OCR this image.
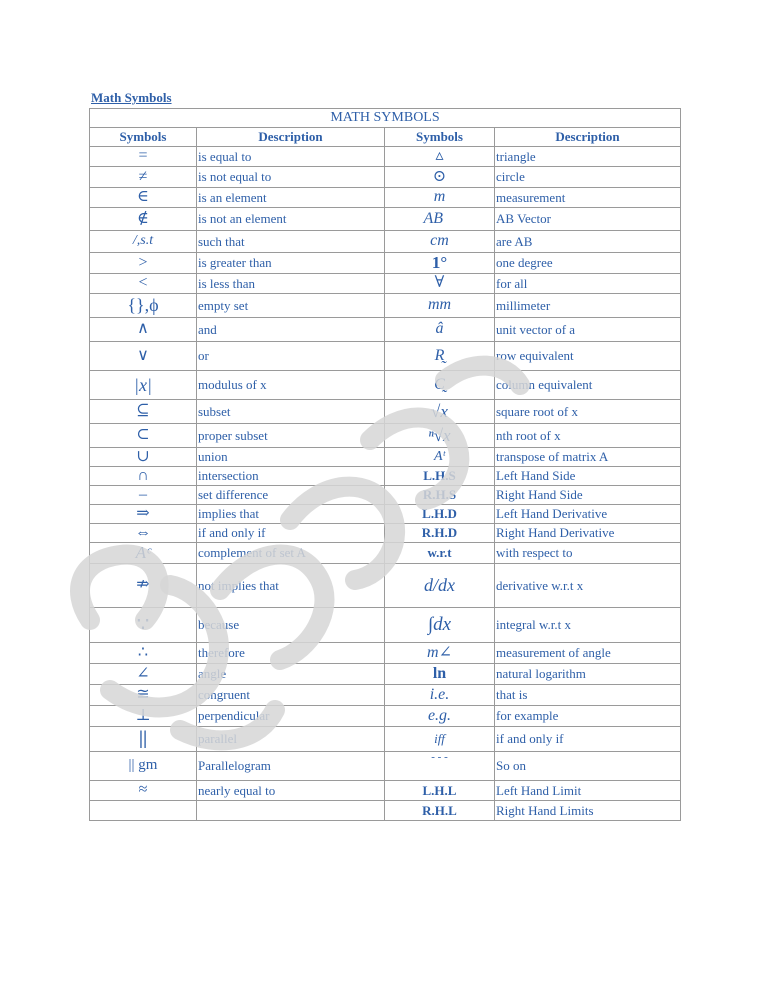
Math Symbols
MATH SYMBOLS			
Symbols	Description	Symbols	Description
=	is equal to	▵	triangle
≠	is not equal to	⊙	circle
∈	is an element	m	measurement
∉	is not an element	AB⃗	AB Vector
/,s.t	such that	cm	are AB
>	is greater than	1°	one degree
<	is less than	∀	for all
{},ϕ	empty set	mm	millimeter
∧	and	â	unit vector of a
∨	or	R̰	row equivalent
|x|	modulus of x	C̰	column equivalent
⊆	subset	√x	square root of x
⊂	proper subset	ⁿ√x	nth root of x
∪	union	Aᵗ	transpose of matrix A
∩	intersection	L.H.S	Left Hand Side
–	set difference	R.H.S	Right Hand Side
⇒	implies that	L.H.D	Left Hand Derivative
⇔	if and only if	R.H.D	Right Hand Derivative
Aᶜ	complement of set A	w.r.t	with respect to
⇏	not implies that	d/dx	derivative w.r.t x
∵	because	∫dx	integral w.r.t x
∴	therefore	m∠	measurement of angle
∠	angle	ln	natural logarithm
≅	congruent	i.e.	that is
⊥	perpendicular	e.g.	for example
||	parallel	iff	if and only if
|| gm	Parallelogram	- - -	So on
≈	nearly equal to	L.H.L	Left Hand Limit
		R.H.L	Right Hand Limits
